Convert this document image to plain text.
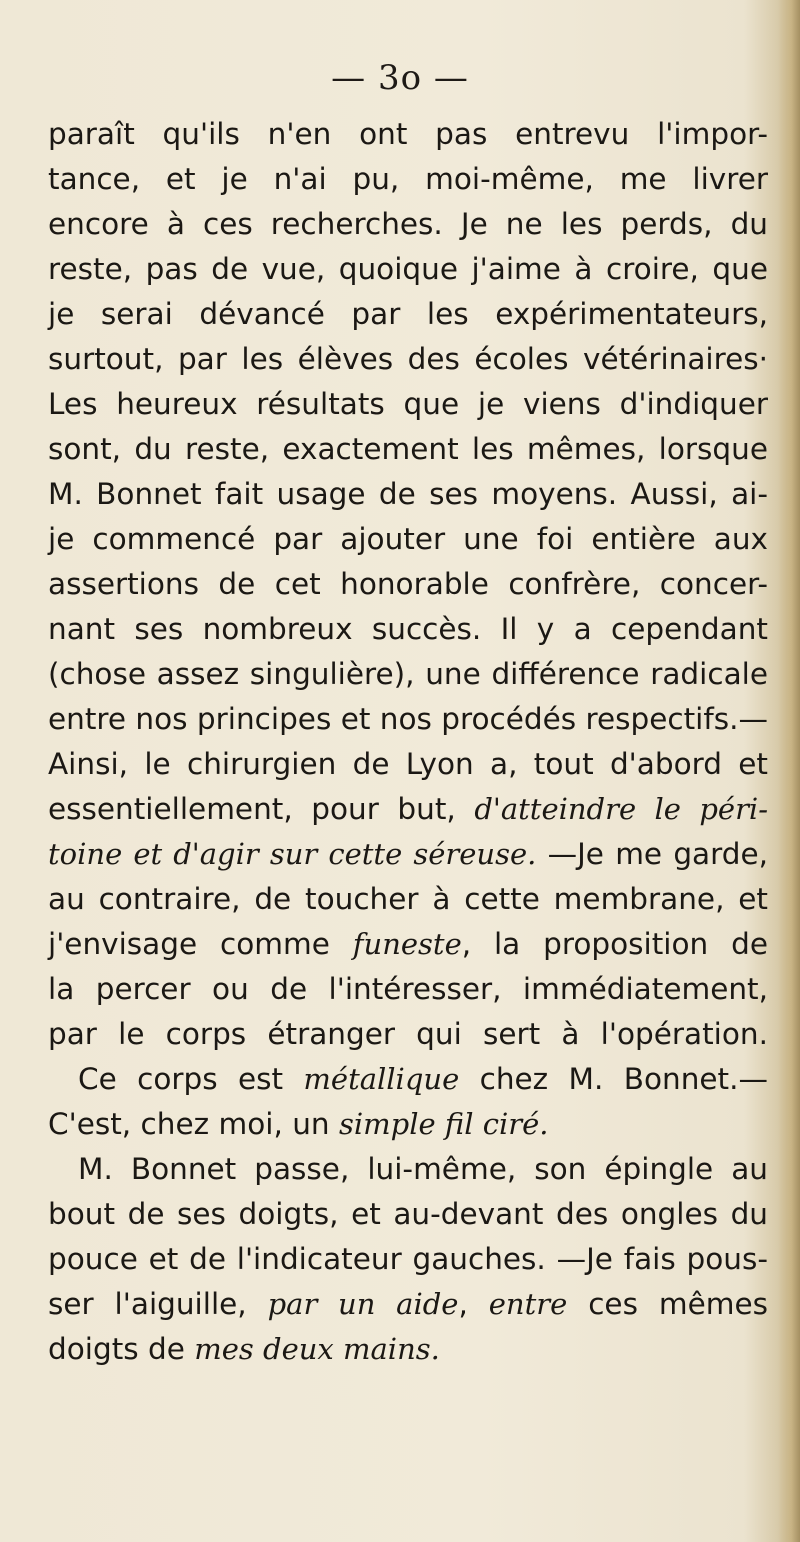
— 3o —
paraît qu'ils n'en ont pas entrevu l'impor-
tance, et je n'ai pu, moi-même, me livrer
encore à ces recherches. Je ne les perds, du
reste, pas de vue, quoique j'aime à croire, que
je serai dévancé par les expérimentateurs,
surtout, par les élèves des écoles vétérinaires·
Les heureux résultats que je viens d'indiquer
sont, du reste, exactement les mêmes, lorsque
M. Bonnet fait usage de ses moyens. Aussi, ai-
je commencé par ajouter une foi entière aux
assertions de cet honorable confrère, concer-
nant ses nombreux succès. Il y a cependant
(chose assez singulière), une différence radicale
entre nos principes et nos procédés respectifs.—
Ainsi, le chirurgien de Lyon a, tout d'abord et
essentiellement, pour but, d'atteindre le péri-
toine et d'agir sur cette séreuse. —Je me garde,
au contraire, de toucher à cette membrane, et
j'envisage comme funeste, la proposition de
la percer ou de l'intéresser, immédiatement,
par le corps étranger qui sert à l'opération.
Ce corps est métallique chez M. Bonnet.—
C'est, chez moi, un simple fil ciré.
M. Bonnet passe, lui-même, son épingle au
bout de ses doigts, et au-devant des ongles du
pouce et de l'indicateur gauches. —Je fais pous-
ser l'aiguille, par un aide, entre ces mêmes
doigts de mes deux mains.
